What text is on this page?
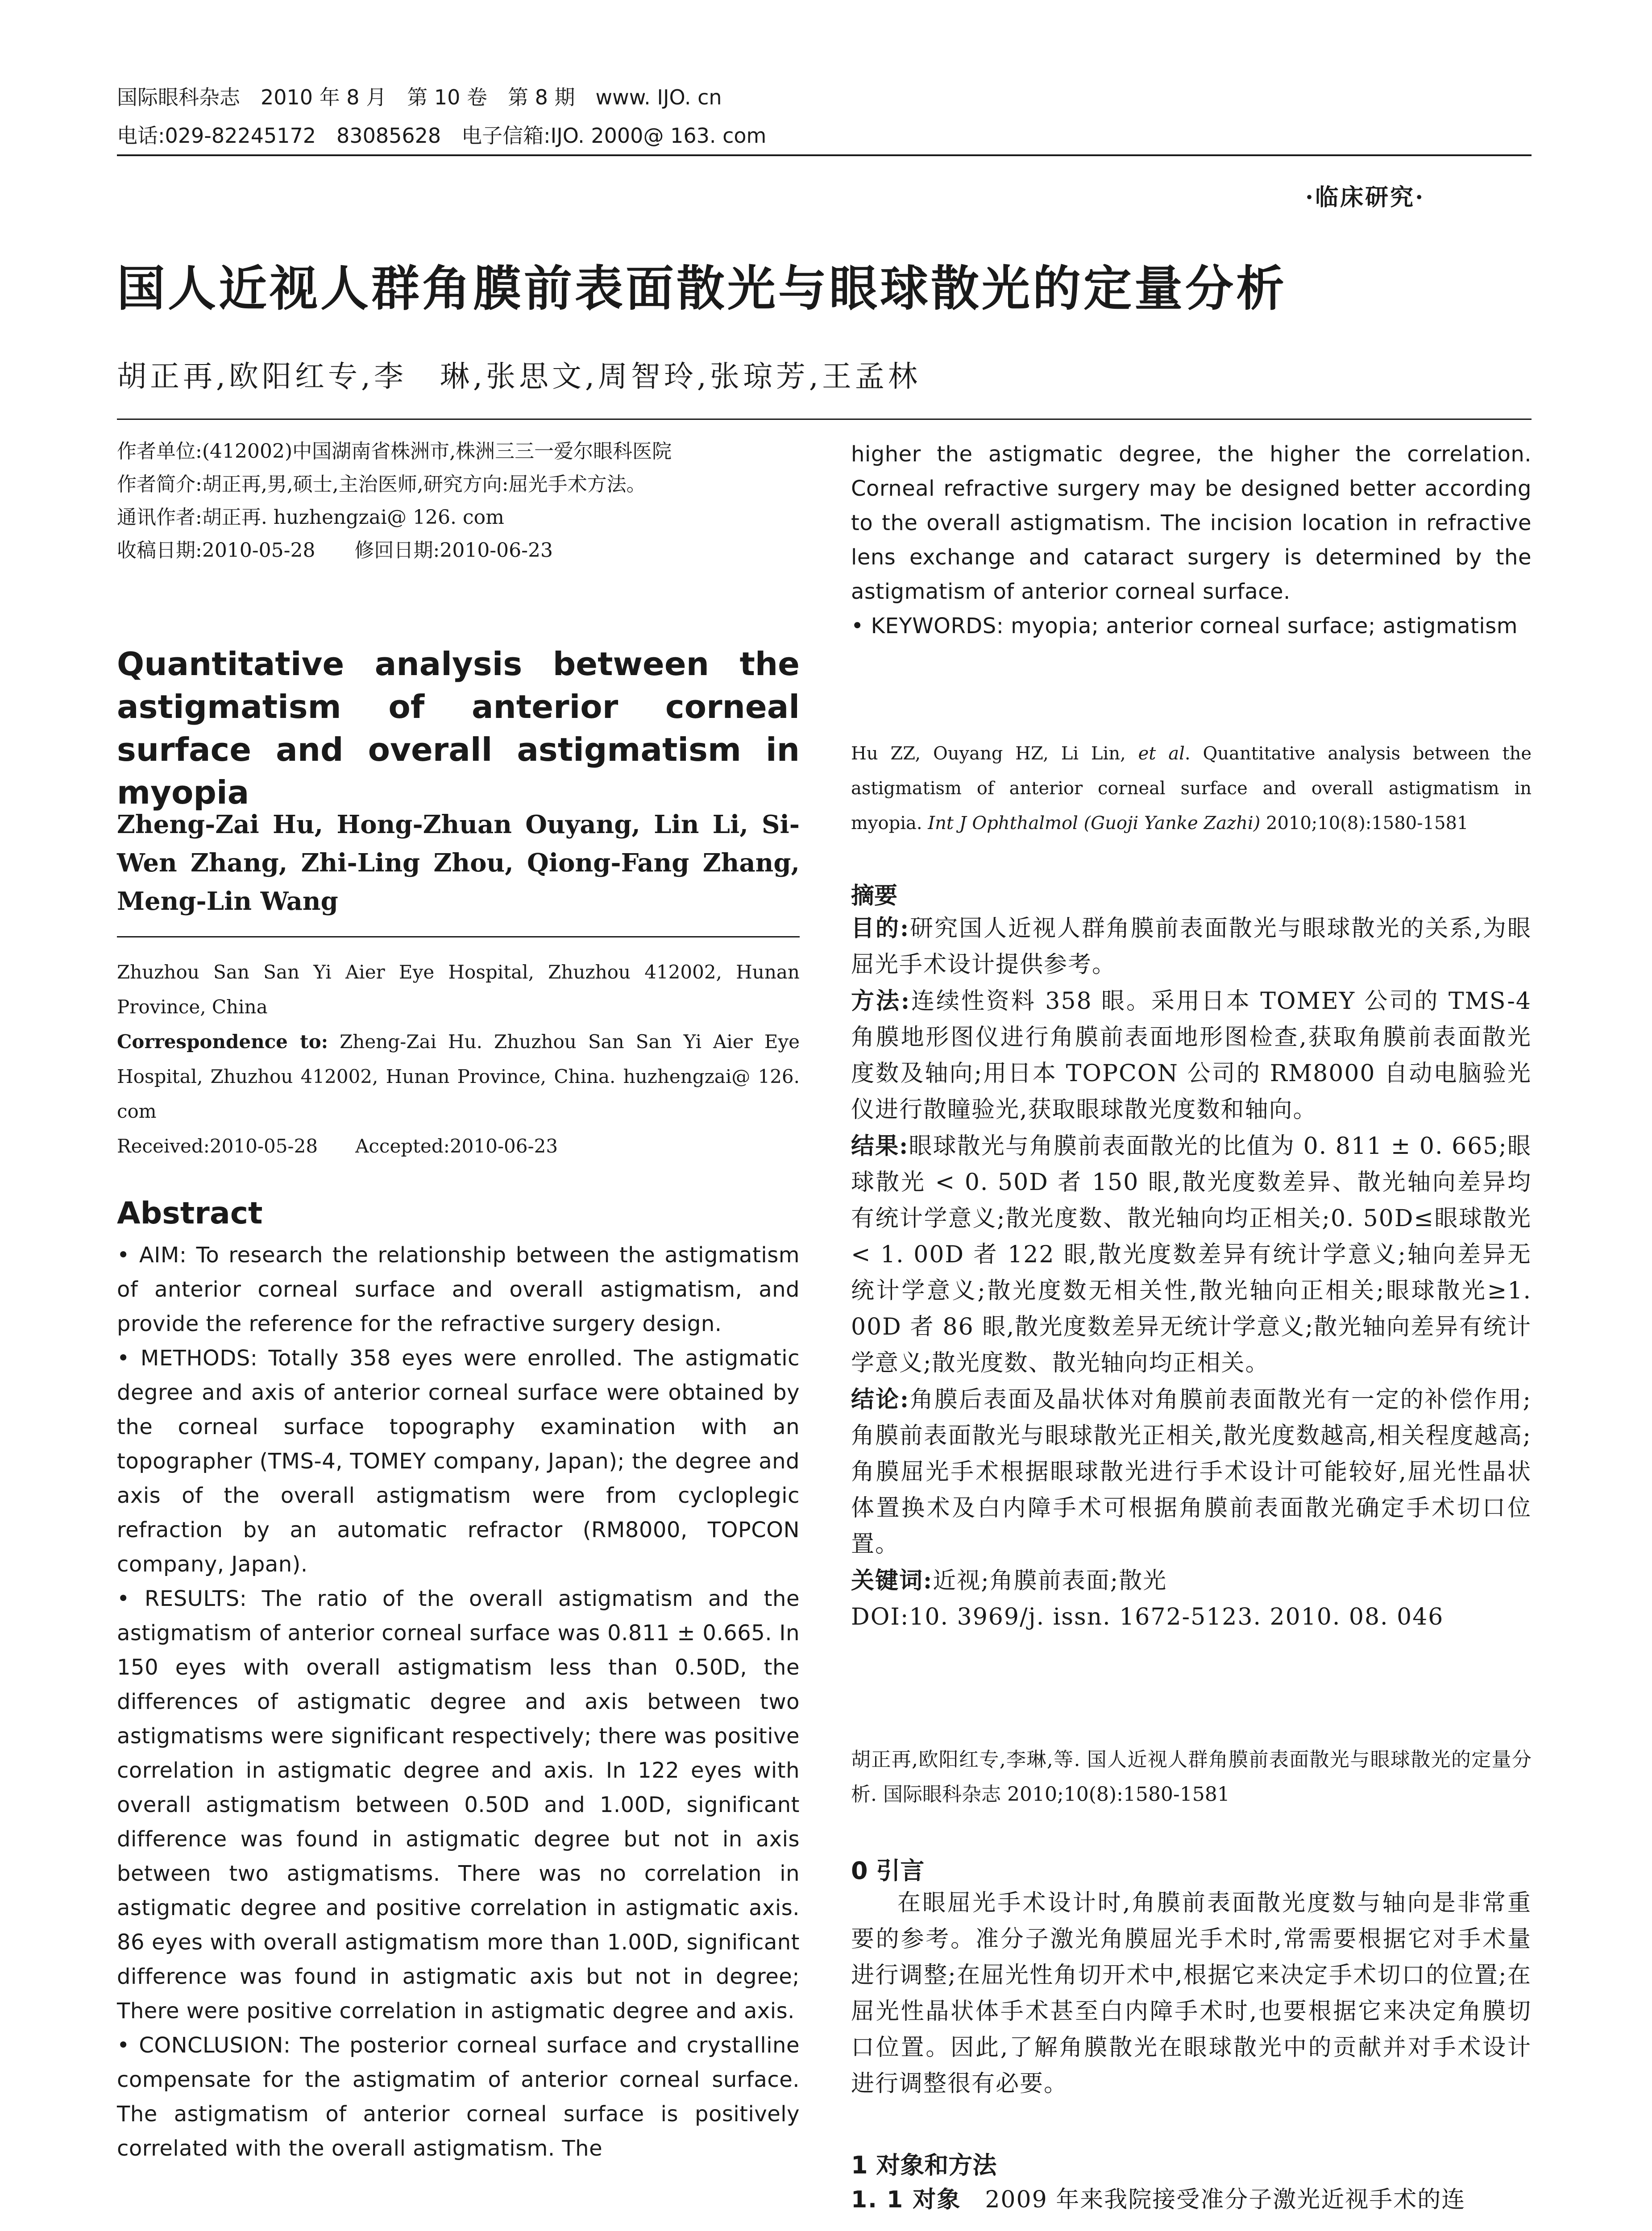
国际眼科杂志　2010 年 8 月　第 10 卷　第 8 期　www. IJO. cn
电话:029-82245172　83085628　电子信箱:IJO. 2000@ 163. com
·临床研究·
国人近视人群角膜前表面散光与眼球散光的定量分析
胡正再,欧阳红专,李　琳,张思文,周智玲,张琼芳,王孟林
作者单位:(412002)中国湖南省株洲市,株洲三三一爱尔眼科医院
作者简介:胡正再,男,硕士,主治医师,研究方向:屈光手术方法。
通讯作者:胡正再. huzhengzai@ 126. com
收稿日期:2010-05-28　　修回日期:2010-06-23
Quantitative analysis between the astigmatism of anterior corneal surface and overall astigmatism in myopia
Zheng-Zai Hu, Hong-Zhuan Ouyang, Lin Li, Si-Wen Zhang, Zhi-Ling Zhou, Qiong-Fang Zhang, Meng-Lin Wang
Zhuzhou San San Yi Aier Eye Hospital, Zhuzhou 412002, Hunan Province, China
Correspondence to: Zheng-Zai Hu. Zhuzhou San San Yi Aier Eye Hospital, Zhuzhou 412002, Hunan Province, China. huzhengzai@ 126. com
Received:2010-05-28　　Accepted:2010-06-23
Abstract

• AIM: To research the relationship between the astigmatism of anterior corneal surface and overall astigmatism, and provide the reference for the refractive surgery design.

• METHODS: Totally 358 eyes were enrolled. The astigmatic degree and axis of anterior corneal surface were obtained by the corneal surface topography examination with an topographer (TMS-4, TOMEY company, Japan); the degree and axis of the overall astigmatism were from cycloplegic refraction by an automatic refractor (RM8000, TOPCON company, Japan).

• RESULTS: The ratio of the overall astigmatism and the astigmatism of anterior corneal surface was 0.811 ± 0.665. In 150 eyes with overall astigmatism less than 0.50D, the differences of astigmatic degree and axis between two astigmatisms were significant respectively; there was positive correlation in astigmatic degree and axis. In 122 eyes with overall astigmatism between 0.50D and 1.00D, significant difference was found in astigmatic degree but not in axis between two astigmatisms. There was no correlation in astigmatic degree and positive correlation in astigmatic axis. 86 eyes with overall astigmatism more than 1.00D, significant difference was found in astigmatic axis but not in degree; There were positive correlation in astigmatic degree and axis.

• CONCLUSION: The posterior corneal surface and crystalline compensate for the astigmatim of anterior corneal surface. The astigmatism of anterior corneal surface is positively correlated with the overall astigmatism. The

higher the astigmatic degree, the higher the correlation. Corneal refractive surgery may be designed better according to the overall astigmatism. The incision location in refractive lens exchange and cataract surgery is determined by the astigmatism of anterior corneal surface.

• KEYWORDS: myopia; anterior corneal surface; astigmatism

Hu ZZ, Ouyang HZ, Li Lin, et al. Quantitative analysis between the astigmatism of anterior corneal surface and overall astigmatism in myopia. Int J Ophthalmol (Guoji Yanke Zazhi) 2010;10(8):1580-1581
摘要

目的:研究国人近视人群角膜前表面散光与眼球散光的关系,为眼屈光手术设计提供参考。

方法:连续性资料 358 眼。采用日本 TOMEY 公司的 TMS-4 角膜地形图仪进行角膜前表面地形图检查,获取角膜前表面散光度数及轴向;用日本 TOPCON 公司的 RM8000 自动电脑验光仪进行散瞳验光,获取眼球散光度数和轴向。

结果:眼球散光与角膜前表面散光的比值为 0. 811 ± 0. 665;眼球散光 < 0. 50D 者 150 眼,散光度数差异、散光轴向差异均有统计学意义;散光度数、散光轴向均正相关;0. 50D≤眼球散光 < 1. 00D 者 122 眼,散光度数差异有统计学意义;轴向差异无统计学意义;散光度数无相关性,散光轴向正相关;眼球散光≥1. 00D 者 86 眼,散光度数差异无统计学意义;散光轴向差异有统计学意义;散光度数、散光轴向均正相关。

结论:角膜后表面及晶状体对角膜前表面散光有一定的补偿作用;角膜前表面散光与眼球散光正相关,散光度数越高,相关程度越高;角膜屈光手术根据眼球散光进行手术设计可能较好,屈光性晶状体置换术及白内障手术可根据角膜前表面散光确定手术切口位置。

关键词:近视;角膜前表面;散光

DOI:10. 3969/j. issn. 1672-5123. 2010. 08. 046

胡正再,欧阳红专,李琳,等. 国人近视人群角膜前表面散光与眼球散光的定量分析. 国际眼科杂志 2010;10(8):1580-1581
0 引言
在眼屈光手术设计时,角膜前表面散光度数与轴向是非常重要的参考。准分子激光角膜屈光手术时,常需要根据它对手术量进行调整;在屈光性角切开术中,根据它来决定手术切口的位置;在屈光性晶状体手术甚至白内障手术时,也要根据它来决定角膜切口位置。因此,了解角膜散光在眼球散光中的贡献并对手术设计进行调整很有必要。
1 对象和方法
1. 1 对象　2009 年来我院接受准分子激光近视手术的连
